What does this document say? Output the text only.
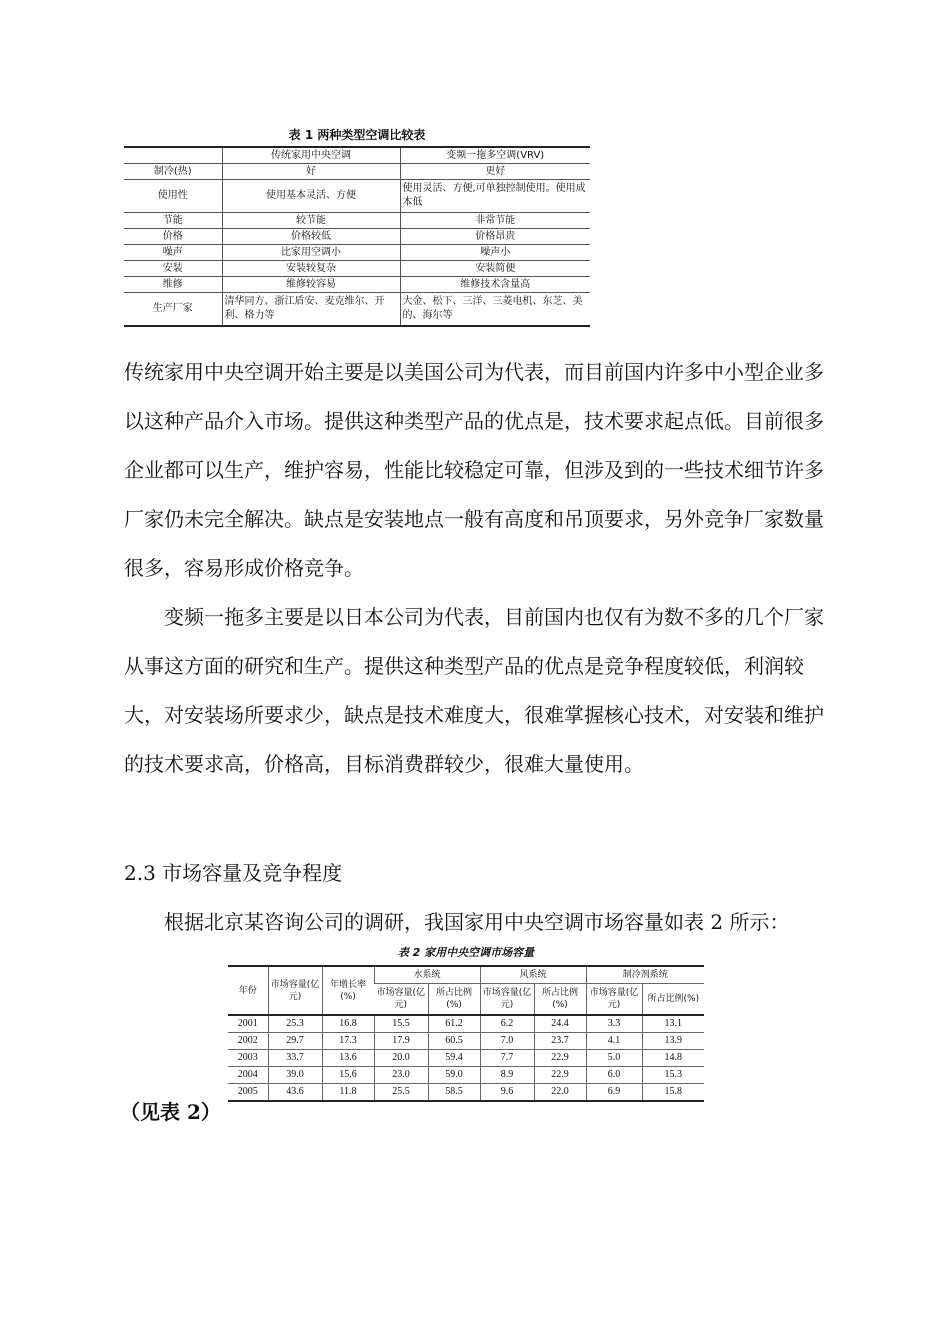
表 1 两种类型空调比较表
	传统家用中央空调	变频一拖多空调(VRV)
制冷(热)	好	更好
使用性	使用基本灵活、方便	使用灵活、方便,可单独控制使用。使用成本低
节能	较节能	非常节能
价格	价格较低	价格昂贵
噪声	比家用空调小	噪声小
安装	安装较复杂	安装简便
维修	维修较容易	维修技术含量高
生产厂家	清华同方、浙江盾安、麦克维尔、开利、格力等	大金、松下、三洋、三菱电机、东芝、美的、海尔等

传统家用中央空调开始主要是以美国公司为代表，而目前国内许多中小型企业多以这种产品介入市场。提供这种类型产品的优点是，技术要求起点低。目前很多企业都可以生产，维护容易，性能比较稳定可靠，但涉及到的一些技术细节许多厂家仍未完全解决。缺点是安装地点一般有高度和吊顶要求，另外竞争厂家数量很多，容易形成价格竞争。

变频一拖多主要是以日本公司为代表，目前国内也仅有为数不多的几个厂家从事这方面的研究和生产。提供这种类型产品的优点是竞争程度较低，利润较大，对安装场所要求少，缺点是技术难度大，很难掌握核心技术，对安装和维护的技术要求高，价格高，目标消费群较少，很难大量使用。

2.3 市场容量及竞争程度

根据北京某咨询公司的调研，我国家用中央空调市场容量如表 2 所示：

表 2 家用中央空调市场容量
年份	市场容量(亿元)	年增长率(%)	水系统		风系统		制冷剂系统	
			市场容量(亿元)	所占比例(%)	市场容量(亿元)	所占比例(%)	市场容量(亿元)	所占比例(%)
2001	25.3	16.8	15.5	61.2	6.2	24.4	3.3	13.1
2002	29.7	17.3	17.9	60.5	7.0	23.7	4.1	13.9
2003	33.7	13.6	20.0	59.4	7.7	22.9	5.0	14.8
2004	39.0	15.6	23.0	59.0	8.9	22.9	6.0	15.3
2005	43.6	11.8	25.5	58.5	9.6	22.0	6.9	15.8

（见表 2）
